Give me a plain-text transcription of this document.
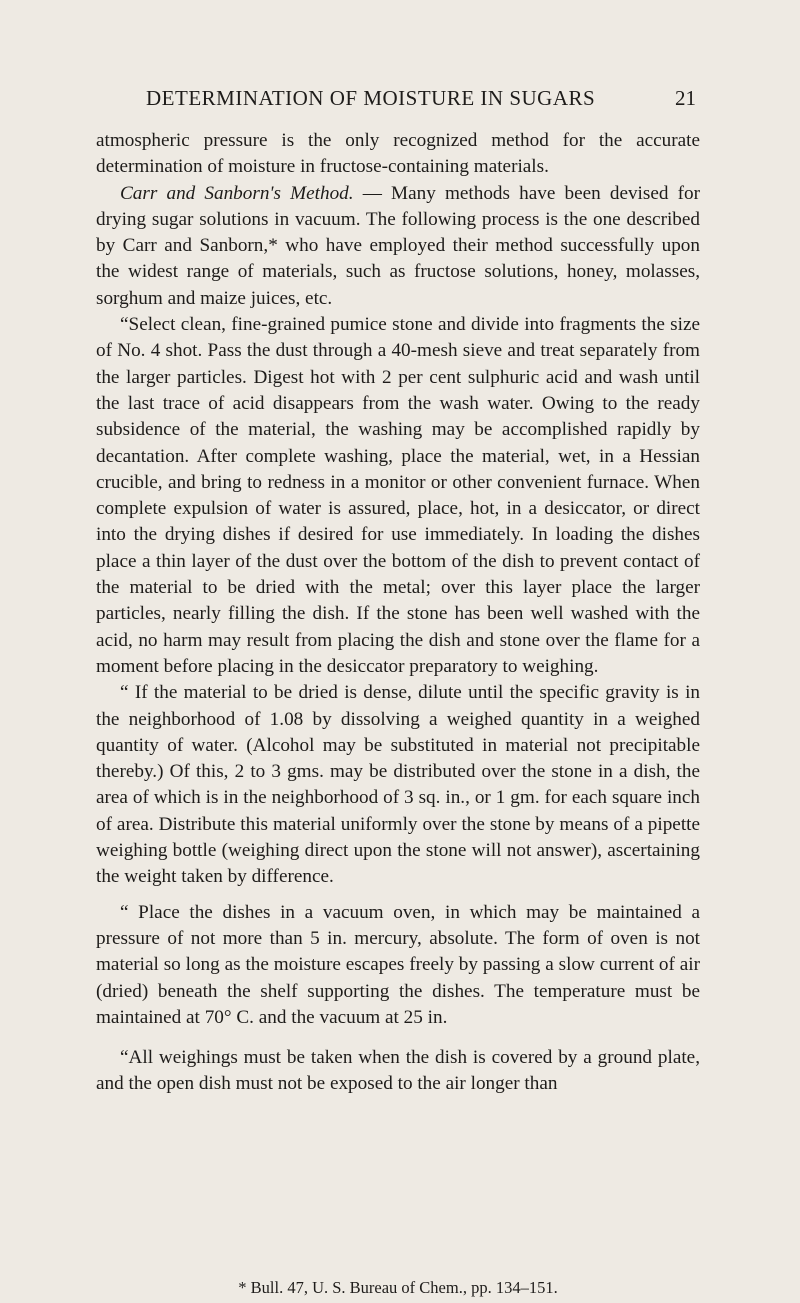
DETERMINATION OF MOISTURE IN SUGARS	21

atmospheric pressure is the only recognized method for the accurate determination of moisture in fructose-containing materials.

Carr and Sanborn's Method. — Many methods have been devised for drying sugar solutions in vacuum. The following process is the one described by Carr and Sanborn,* who have employed their method successfully upon the widest range of materials, such as fructose solutions, honey, molasses, sorghum and maize juices, etc.

“Select clean, fine-grained pumice stone and divide into fragments the size of No. 4 shot. Pass the dust through a 40-mesh sieve and treat separately from the larger particles. Digest hot with 2 per cent sulphuric acid and wash until the last trace of acid disappears from the wash water. Owing to the ready subsidence of the material, the washing may be accomplished rapidly by decantation. After complete washing, place the material, wet, in a Hessian crucible, and bring to redness in a monitor or other convenient furnace. When complete expulsion of water is assured, place, hot, in a desiccator, or direct into the drying dishes if desired for use immediately. In loading the dishes place a thin layer of the dust over the bottom of the dish to prevent contact of the material to be dried with the metal; over this layer place the larger particles, nearly filling the dish. If the stone has been well washed with the acid, no harm may result from placing the dish and stone over the flame for a moment before placing in the desiccator preparatory to weighing.

“ If the material to be dried is dense, dilute until the specific gravity is in the neighborhood of 1.08 by dissolving a weighed quantity in a weighed quantity of water. (Alcohol may be substituted in material not precipitable thereby.) Of this, 2 to 3 gms. may be distributed over the stone in a dish, the area of which is in the neighborhood of 3 sq. in., or 1 gm. for each square inch of area. Distribute this material uniformly over the stone by means of a pipette weighing bottle (weighing direct upon the stone will not answer), ascertaining the weight taken by difference.

“ Place the dishes in a vacuum oven, in which may be maintained a pressure of not more than 5 in. mercury, absolute. The form of oven is not material so long as the moisture escapes freely by passing a slow current of air (dried) beneath the shelf supporting the dishes. The temperature must be maintained at 70° C. and the vacuum at 25 in.

“All weighings must be taken when the dish is covered by a ground plate, and the open dish must not be exposed to the air longer than

* Bull. 47, U. S. Bureau of Chem., pp. 134–151.
